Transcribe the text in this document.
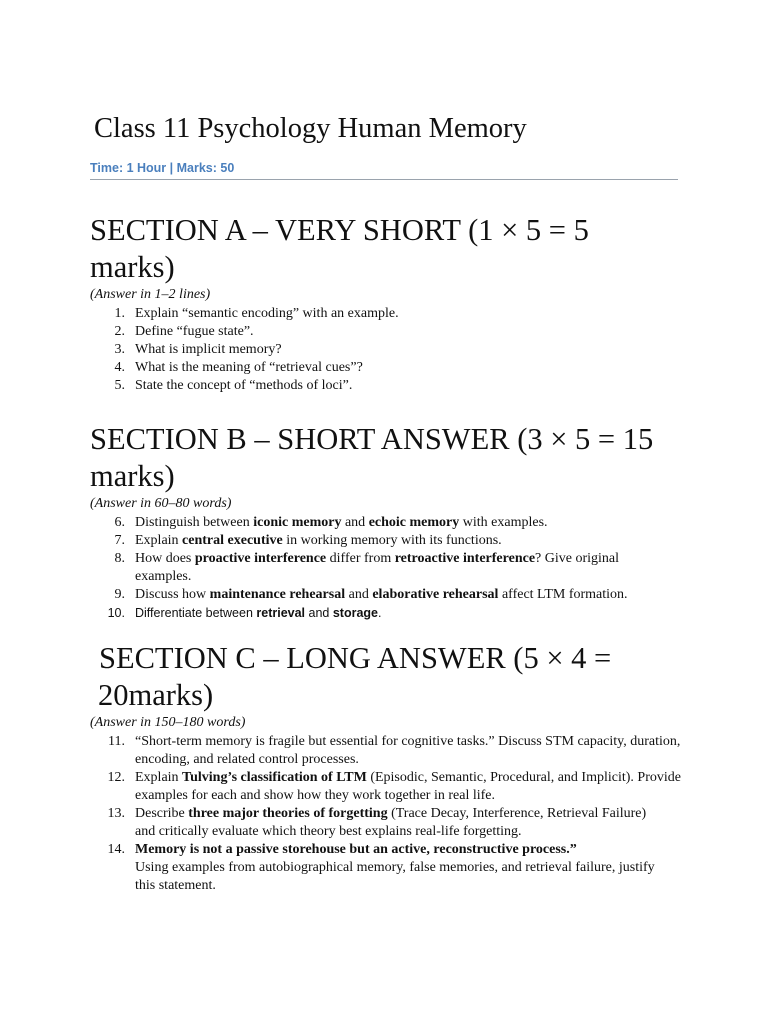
Class 11 Psychology Human Memory
Time: 1 Hour | Marks: 50
SECTION A – VERY SHORT (1 × 5 = 5 marks)

(Answer in 1–2 lines)

1. Explain “semantic encoding” with an example.
2. Define “fugue state”.
3. What is implicit memory?
4. What is the meaning of “retrieval cues”?
5. State the concept of “methods of loci”.
SECTION B – SHORT ANSWER (3 × 5 = 15 marks)

(Answer in 60–80 words)

6. Distinguish between iconic memory and echoic memory with examples.
7. Explain central executive in working memory with its functions.
8. How does proactive interference differ from retroactive interference? Give original examples.
9. Discuss how maintenance rehearsal and elaborative rehearsal affect LTM formation.
10. Differentiate between retrieval and storage.
SECTION C – LONG ANSWER (5 × 4 = 20marks)

(Answer in 150–180 words)

11. “Short-term memory is fragile but essential for cognitive tasks.” Discuss STM capacity, duration, encoding, and related control processes.
12. Explain Tulving’s classification of LTM (Episodic, Semantic, Procedural, and Implicit). Provide examples for each and show how they work together in real life.
13. Describe three major theories of forgetting (Trace Decay, Interference, Retrieval Failure) and critically evaluate which theory best explains real-life forgetting.
14. Memory is not a passive storehouse but an active, reconstructive process.”
Using examples from autobiographical memory, false memories, and retrieval failure, justify this statement.
